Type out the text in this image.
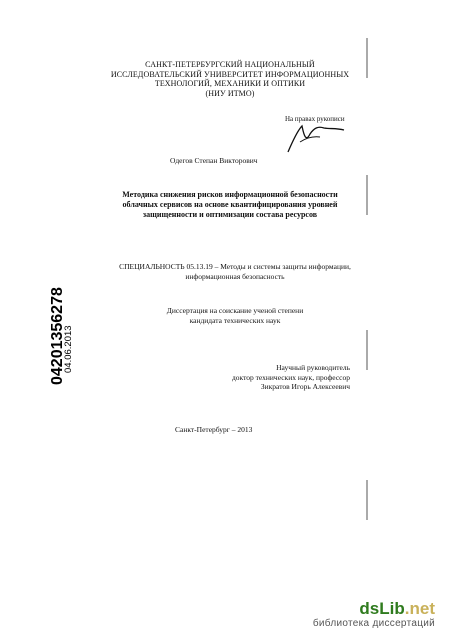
САНКТ-ПЕТЕРБУРГСКИЙ НАЦИОНАЛЬНЫЙ
ИССЛЕДОВАТЕЛЬСКИЙ УНИВЕРСИТЕТ ИНФОРМАЦИОННЫХ
ТЕХНОЛОГИЙ, МЕХАНИКИ И ОПТИКИ
(НИУ ИТМО)
На правах рукописи
Одегов Степан Викторович
Методика снижения рисков информационной безопасности
облачных сервисов на основе квантифицирования уровней
защищенности и оптимизации состава ресурсов
СПЕЦИАЛЬНОСТЬ 05.13.19 – Методы и системы защиты информации,
информационная безопасность
Диссертация на соискание ученой степени
кандидата технических наук
Научный руководитель
доктор технических наук, профессор
Зикратов Игорь Алексеевич
Санкт-Петербург – 2013
04201356278
04.06.2013
dsLib.net
библиотека диссертаций
